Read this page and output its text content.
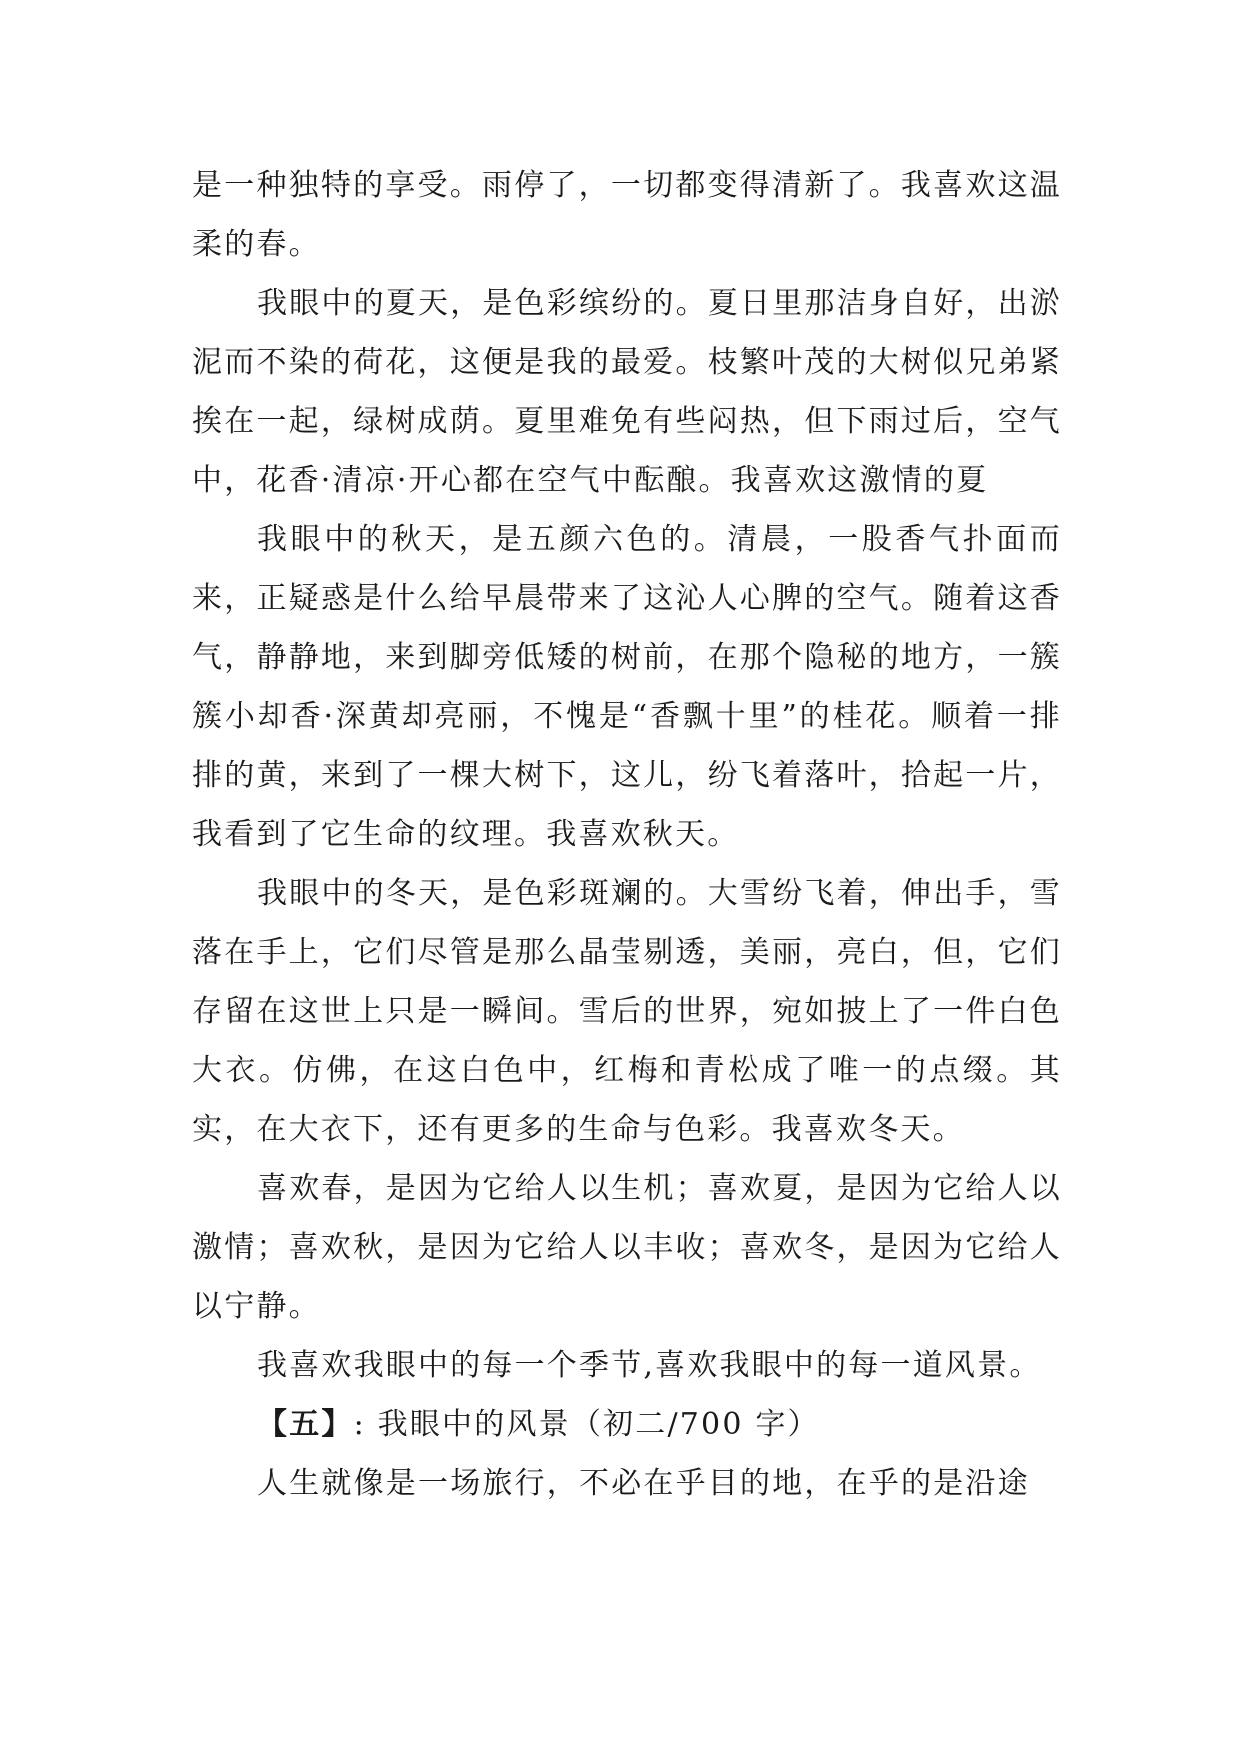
是一种独特的享受。雨停了，一切都变得清新了。我喜欢这温柔的春。

我眼中的夏天，是色彩缤纷的。夏日里那洁身自好，出淤泥而不染的荷花，这便是我的最爱。枝繁叶茂的大树似兄弟紧挨在一起，绿树成荫。夏里难免有些闷热，但下雨过后，空气中，花香·清凉·开心都在空气中酝酿。我喜欢这激情的夏

我眼中的秋天，是五颜六色的。清晨，一股香气扑面而来，正疑惑是什么给早晨带来了这沁人心脾的空气。随着这香气，静静地，来到脚旁低矮的树前，在那个隐秘的地方，一簇簇小却香·深黄却亮丽，不愧是“香飘十里”的桂花。顺着一排排的黄，来到了一棵大树下，这儿，纷飞着落叶，拾起一片，我看到了它生命的纹理。我喜欢秋天。

我眼中的冬天，是色彩斑斓的。大雪纷飞着，伸出手，雪落在手上，它们尽管是那么晶莹剔透，美丽，亮白，但，它们存留在这世上只是一瞬间。雪后的世界，宛如披上了一件白色大衣。仿佛，在这白色中，红梅和青松成了唯一的点缀。其实，在大衣下，还有更多的生命与色彩。我喜欢冬天。

喜欢春，是因为它给人以生机；喜欢夏，是因为它给人以激情；喜欢秋，是因为它给人以丰收；喜欢冬，是因为它给人以宁静。

我喜欢我眼中的每一个季节,喜欢我眼中的每一道风景。

【五】: 我眼中的风景（初二/700 字）

人生就像是一场旅行，不必在乎目的地，在乎的是沿途
